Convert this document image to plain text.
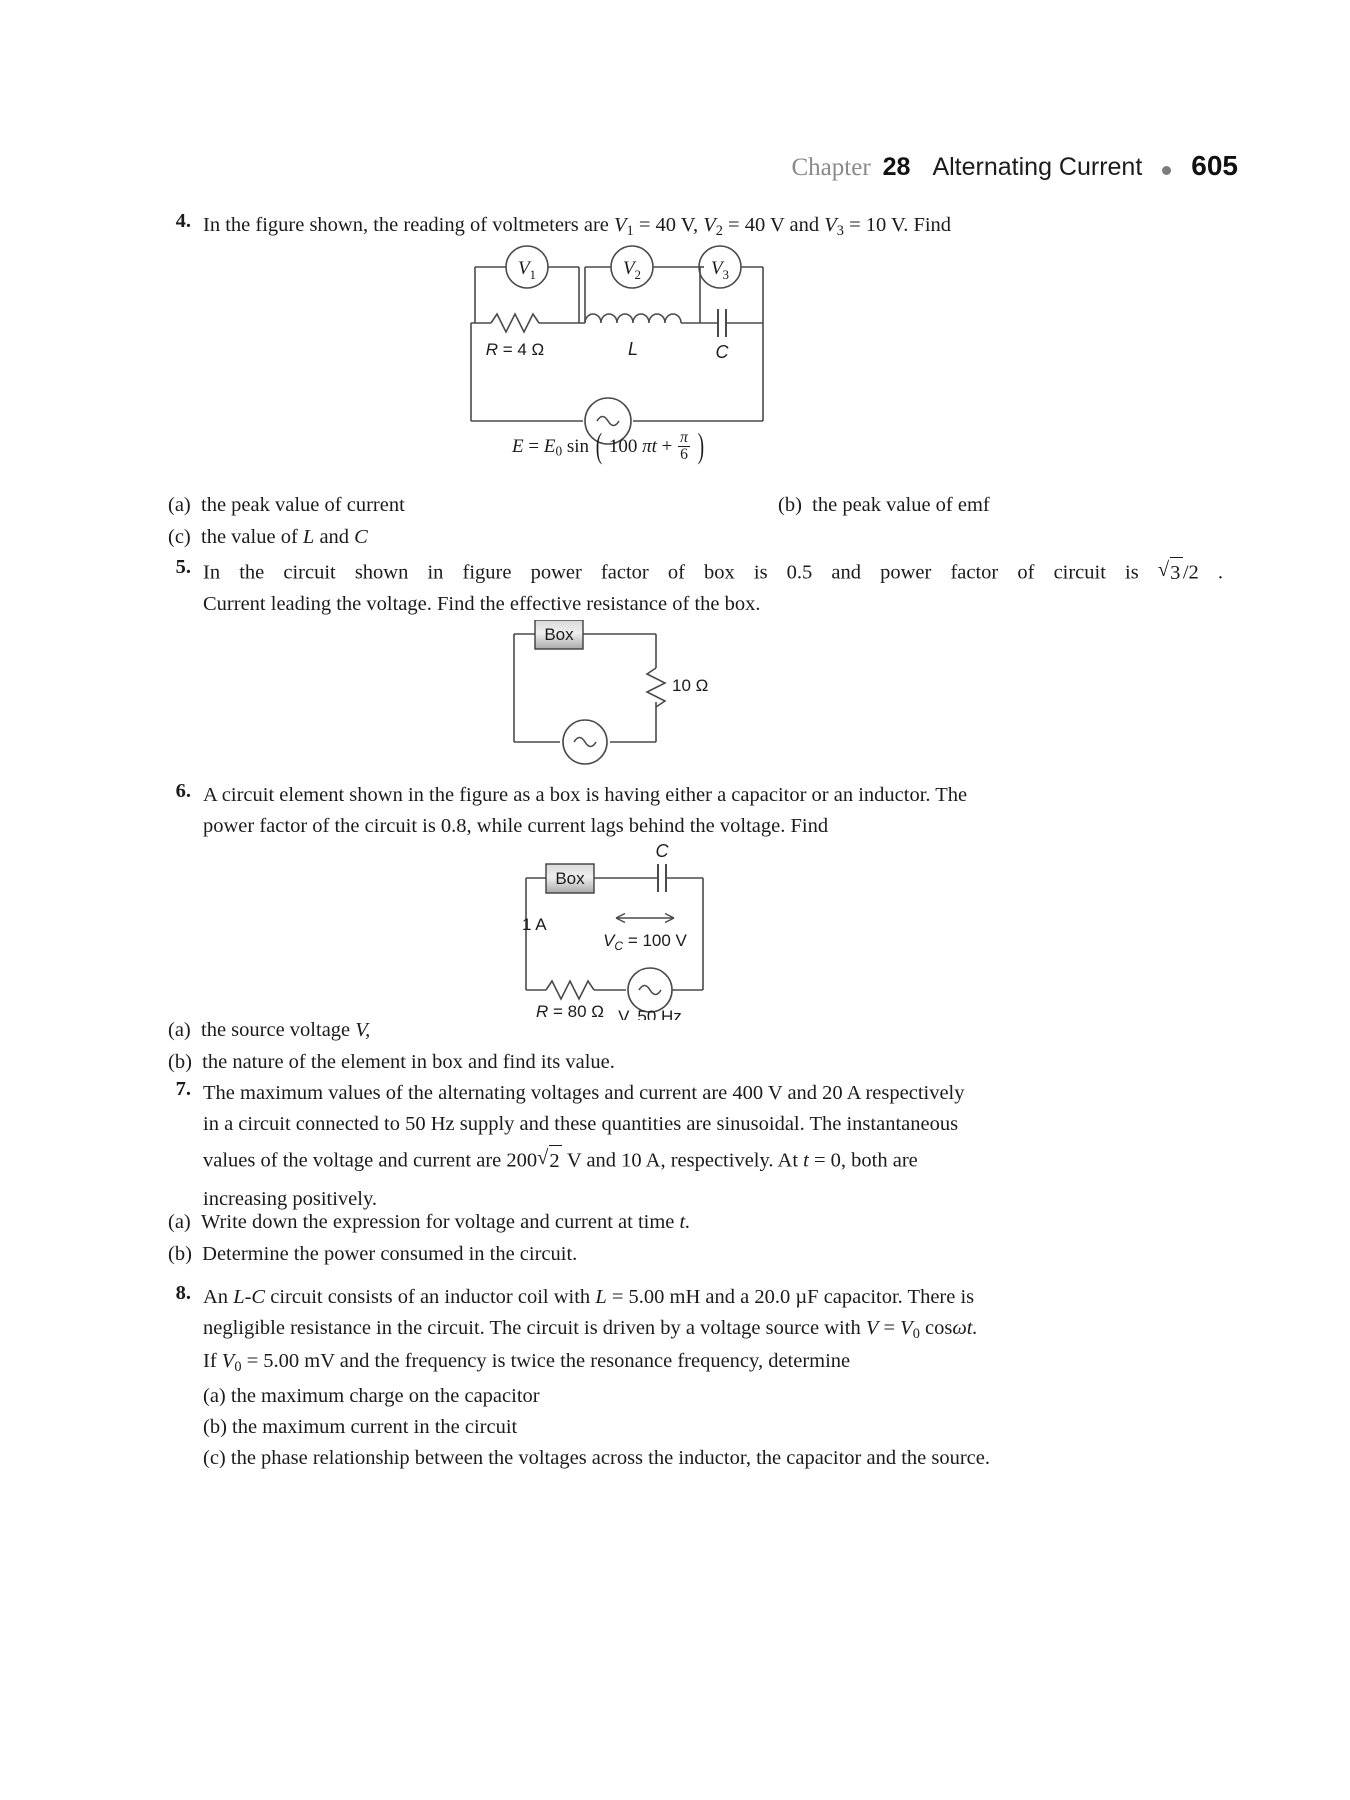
Chapter 28 Alternating Current 605
4. In the figure shown, the reading of voltmeters are V1 = 40 V, V2 = 40 V and V3 = 10 V. Find

$V_1$	$V_2$	$V_3$
R = 4 Ω	L	C
E = E0 sin ( 100 $\pi t + \frac{\pi}{6}$ )
(a) the peak value of current	(b) the peak value of emf
(c) the value of L and C
5. In the circuit shown in figure power factor of box is 0.5 and power factor of circuit is √ 3 /2 .

Current leading the voltage. Find the effective resistance of the box.

Box
10 Ω
6. A circuit element shown in the figure as a box is having either a capacitor or an inductor. The

power factor of the circuit is 0.8, while current lags behind the voltage. Find

Box
C
1 A
$V_C = 100$ V
R = 80 Ω V, 50 Hz
(a)
the source voltage V,
(b)
the nature of the element in box and find its value.
7. The maximum values of the alternating voltages and current are 400 V and 20 A respectively

in a circuit connected to 50 Hz supply and these quantities are sinusoidal. The instantaneous

values of the voltage and current are 200 √ 2 V and 10 A, respectively. At t = 0, both are

increasing positively.

(a)
Write down the expression for voltage and current at time t.
(b)
Determine the power consumed in the circuit.
8. An L-C circuit consists of an inductor coil with L = 5.00 mH and a 20.0 µF capacitor. There is

negligible resistance in the circuit. The circuit is driven by a voltage source with V = V0 cosωt.

If V0 = 5.00 mV and the frequency is twice the resonance frequency, determine

(a) the maximum charge on the capacitor

(b) the maximum current in the circuit

(c) the phase relationship between the voltages across the inductor, the capacitor and the source.
